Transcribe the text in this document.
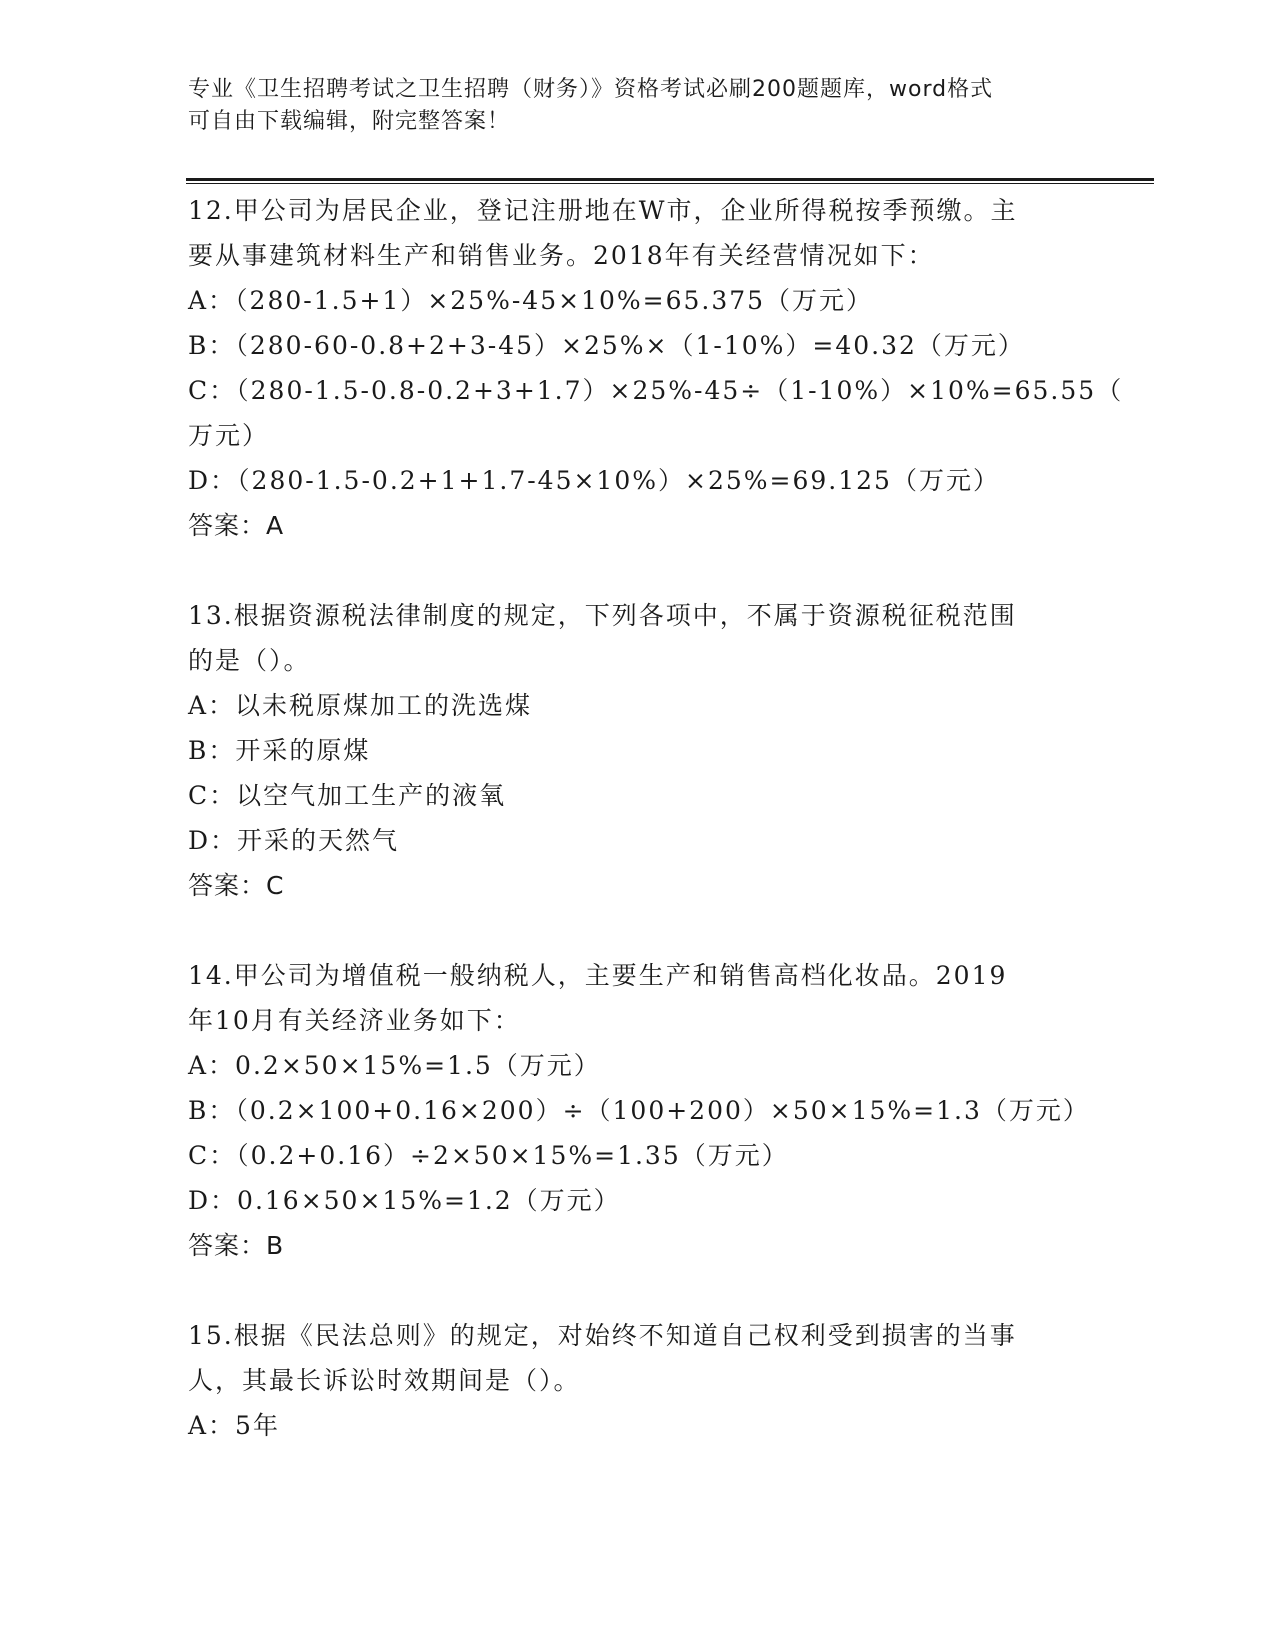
专业《卫生招聘考试之卫生招聘（财务）》资格考试必刷200题题库，word格式
可自由下载编辑，附完整答案！
12.甲公司为居民企业，登记注册地在W市，企业所得税按季预缴。主
要从事建筑材料生产和销售业务。2018年有关经营情况如下：
A：（280-1.5+1）×25%-45×10%=65.375（万元）
B：（280-60-0.8+2+3-45）×25%×（1-10%）=40.32（万元）
C：（280-1.5-0.8-0.2+3+1.7）×25%-45÷（1-10%）×10%=65.55（
万元）
D：（280-1.5-0.2+1+1.7-45×10%）×25%=69.125（万元）
答案：A
13.根据资源税法律制度的规定，下列各项中，不属于资源税征税范围
的是（）。
A：以未税原煤加工的洗选煤
B：开采的原煤
C：以空气加工生产的液氧
D：开采的天然气
答案：C
14.甲公司为增值税一般纳税人，主要生产和销售高档化妆品。2019
年10月有关经济业务如下：
A：0.2×50×15%=1.5（万元）
B：（0.2×100+0.16×200）÷（100+200）×50×15%=1.3（万元）
C：（0.2+0.16）÷2×50×15%=1.35（万元）
D：0.16×50×15%=1.2（万元）
答案：B
15.根据《民法总则》的规定，对始终不知道自己权利受到损害的当事
人，其最长诉讼时效期间是（）。
A：5年
